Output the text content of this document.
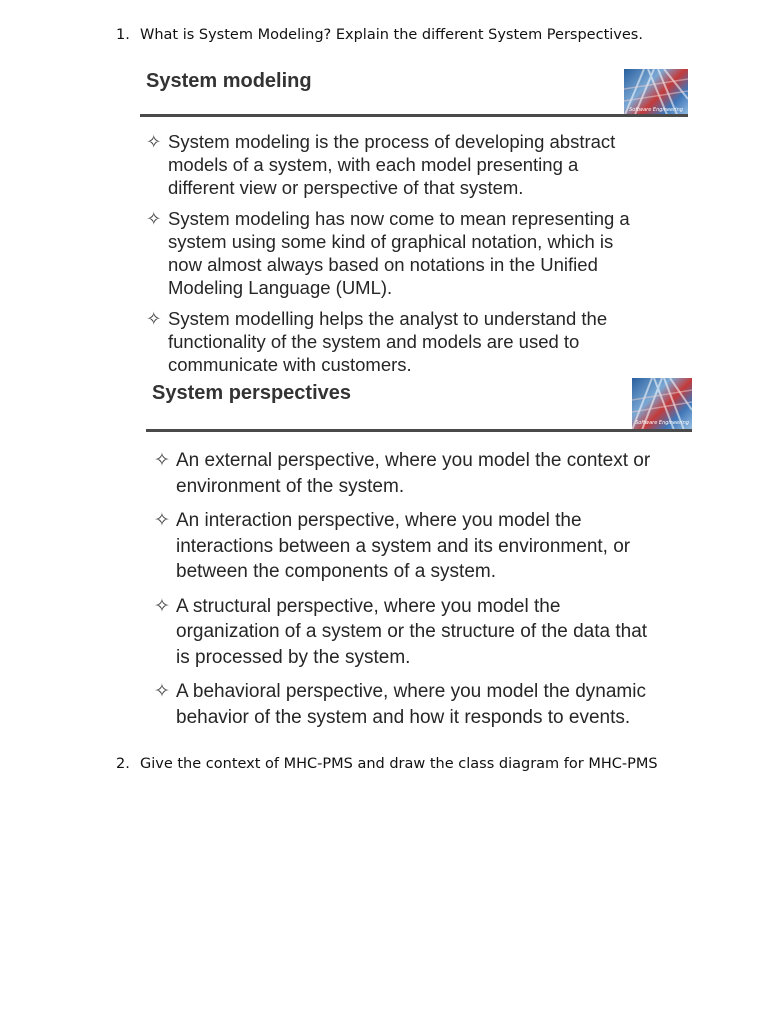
1. What is System Modeling? Explain the different System Perspectives.
System modeling
Software Engineering
✧ System modeling is the process of developing abstract
models of a system, with each model presenting a
different view or perspective of that system.
✧ System modeling has now come to mean representing a
system using some kind of graphical notation, which is
now almost always based on notations in the Unified
Modeling Language (UML).
✧ System modelling helps the analyst to understand the
functionality of the system and models are used to
communicate with customers.
System perspectives
Software Engineering
✧ An external perspective, where you model the context or
environment of the system.
✧ An interaction perspective, where you model the
interactions between a system and its environment, or
between the components of a system.
✧ A structural perspective, where you model the
organization of a system or the structure of the data that
is processed by the system.
✧ A behavioral perspective, where you model the dynamic
behavior of the system and how it responds to events.
2. Give the context of MHC-PMS and draw the class diagram for MHC-PMS
